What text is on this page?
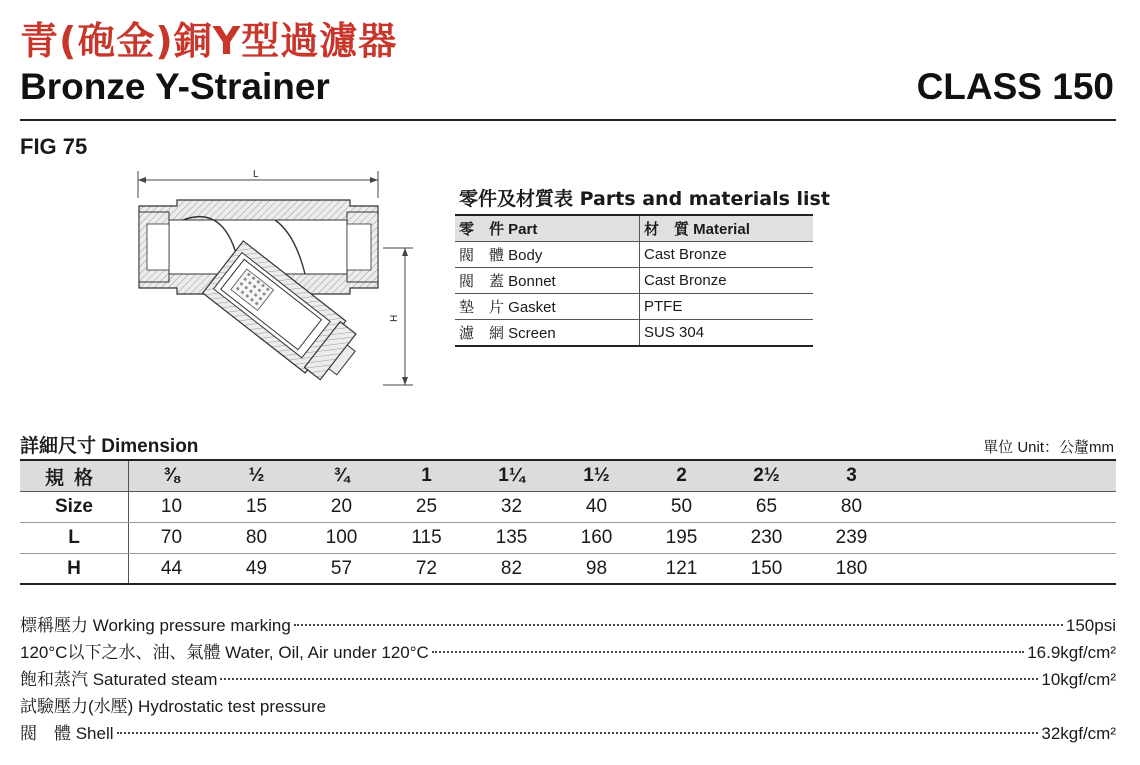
青(砲金)銅Y型過濾器
Bronze Y-Strainer	CLASS 150
FIG 75
L
H
零件及材質表 Parts and materials list
零　件 Part	材　質 Material
閥　體 Body	Cast Bronze
閥　蓋 Bonnet	Cast Bronze
墊　片 Gasket	PTFE
濾　網 Screen	SUS 304
詳細尺寸 Dimension	單位 Unit：公釐mm
規格	⅜	½	¾	1	1¼	1½	2	2½	3	
Size	10	15	20	25	32	40	50	65	80	
L	70	80	100	115	135	160	195	230	239	
H	44	49	57	72	82	98	121	150	180	
標稱壓力 Working pressure marking	150psi
120°C以下之水、油、氣體 Water, Oil, Air under 120°C	16.9kgf/cm²
飽和蒸汽 Saturated steam	10kgf/cm²
試驗壓力(水壓) Hydrostatic test pressure
閥　體 Shell	32kgf/cm²
